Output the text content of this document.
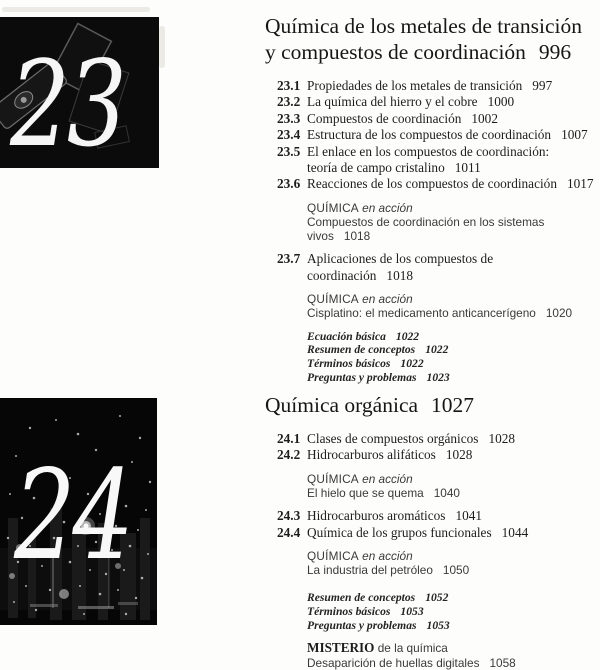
23
24
Química de los metales de transición
y compuestos de coordinación 996
23.1 Propiedades de los metales de transición 997
23.2 La química del hierro y el cobre 1000
23.3 Compuestos de coordinación 1002
23.4 Estructura de los compuestos de coordinación 1007
23.5 El enlace en los compuestos de coordinación:
teoría de campo cristalino 1011
23.6 Reacciones de los compuestos de coordinación 1017
QUÍMICA en acción
Compuestos de coordinación en los sistemas vivos 1018
23.7 Aplicaciones de los compuestos de coordinación 1018
QUÍMICA en acción
Cisplatino: el medicamento anticancerígeno 1020
Ecuación básica 1022
Resumen de conceptos 1022
Términos básicos 1022
Preguntas y problemas 1023
Química orgánica 1027
24.1 Clases de compuestos orgánicos 1028
24.2 Hidrocarburos alifáticos 1028
QUÍMICA en acción
El hielo que se quema 1040
24.3 Hidrocarburos aromáticos 1041
24.4 Química de los grupos funcionales 1044
QUÍMICA en acción
La industria del petróleo 1050
Resumen de conceptos 1052
Términos básicos 1053
Preguntas y problemas 1053
MISTERIO de la química
Desaparición de huellas digitales 1058
